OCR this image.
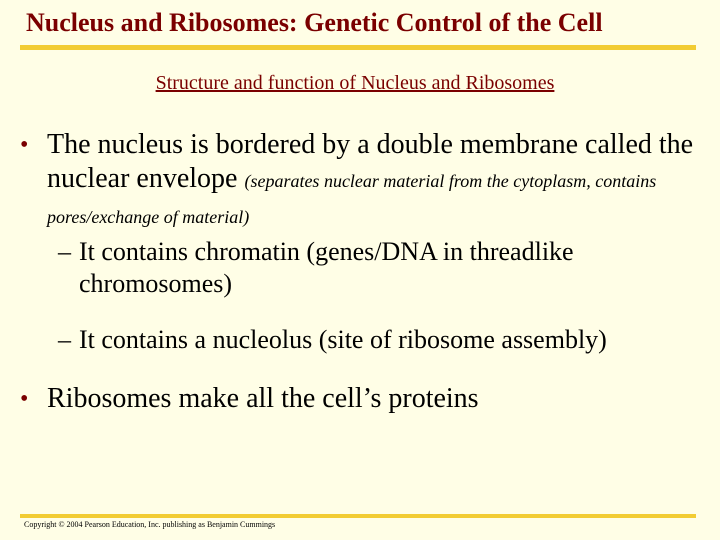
Nucleus and Ribosomes: Genetic Control of the Cell
Structure and function of Nucleus and Ribosomes
• The nucleus is bordered by a double membrane called the nuclear envelope (separates nuclear material from the cytoplasm, contains pores/exchange of material)
– It contains chromatin (genes/DNA in threadlike chromosomes)
– It contains a nucleolus (site of ribosome assembly)
• Ribosomes make all the cell’s proteins
Copyright © 2004 Pearson Education, Inc. publishing as Benjamin Cummings
